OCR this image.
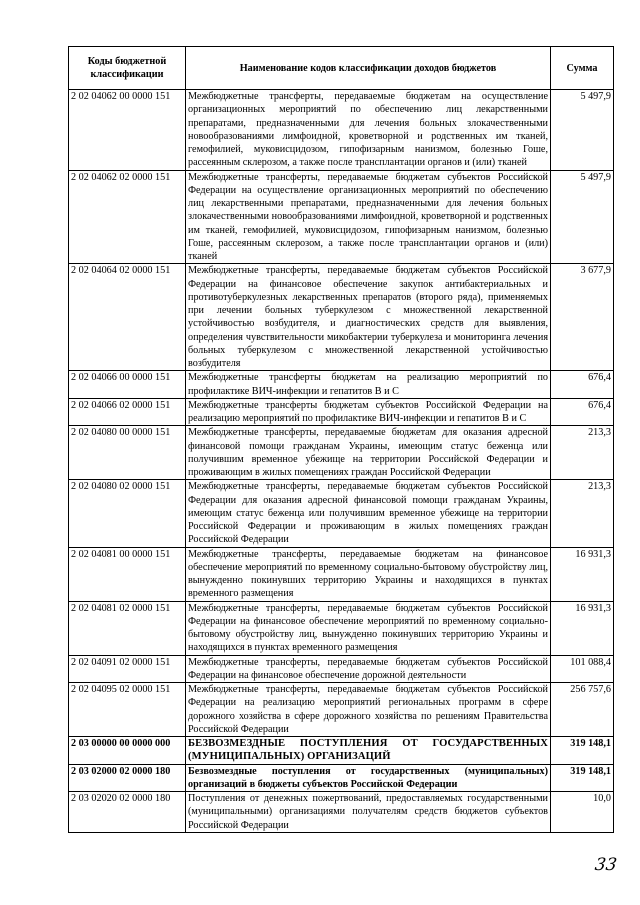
Коды бюджетной классификации	Наименование кодов классификации доходов бюджетов	Сумма
2 02 04062 00 0000 151	Межбюджетные трансферты, передаваемые бюджетам на осуществление организационных мероприятий по обеспечению лиц лекарственными препаратами, предназначенными для лечения больных злокачественными новообразованиями лимфоидной, кроветворной и родственных им тканей, гемофилией, муковисцидозом, гипофизарным нанизмом, болезнью Гоше, рассеянным склерозом, а также после трансплантации органов и (или) тканей	5 497,9
2 02 04062 02 0000 151	Межбюджетные трансферты, передаваемые бюджетам субъектов Российской Федерации на осуществление организационных мероприятий по обеспечению лиц лекарственными препаратами, предназначенными для лечения больных злокачественными новообразованиями лимфоидной, кроветворной и родственных им тканей, гемофилией, муковисцидозом, гипофизарным нанизмом, болезнью Гоше, рассеянным склерозом, а также после трансплантации органов и (или) тканей	5 497,9
2 02 04064 02 0000 151	Межбюджетные трансферты, передаваемые бюджетам субъектов Российской Федерации на финансовое обеспечение закупок антибактериальных и противотуберкулезных лекарственных препаратов (второго ряда), применяемых при лечении больных туберкулезом с множественной лекарственной устойчивостью возбудителя, и диагностических средств для выявления, определения чувствительности микобактерии туберкулеза и мониторинга лечения больных туберкулезом с множественной лекарственной устойчивостью возбудителя	3 677,9
2 02 04066 00 0000 151	Межбюджетные трансферты бюджетам на реализацию мероприятий по профилактике ВИЧ-инфекции и гепатитов B и C	676,4
2 02 04066 02 0000 151	Межбюджетные трансферты бюджетам субъектов Российской Федерации на реализацию мероприятий по профилактике ВИЧ-инфекции и гепатитов B и C	676,4
2 02 04080 00 0000 151	Межбюджетные трансферты, передаваемые бюджетам для оказания адресной финансовой помощи гражданам Украины, имеющим статус беженца или получившим временное убежище на территории Российской Федерации и проживающим в жилых помещениях граждан Российской Федерации	213,3
2 02 04080 02 0000 151	Межбюджетные трансферты, передаваемые бюджетам субъектов Российской Федерации для оказания адресной финансовой помощи гражданам Украины, имеющим статус беженца или получившим временное убежище на территории Российской Федерации и проживающим в жилых помещениях граждан Российской Федерации	213,3
2 02 04081 00 0000 151	Межбюджетные трансферты, передаваемые бюджетам на финансовое обеспечение мероприятий по временному социально-бытовому обустройству лиц, вынужденно покинувших территорию Украины и находящихся в пунктах временного размещения	16 931,3
2 02 04081 02 0000 151	Межбюджетные трансферты, передаваемые бюджетам субъектов Российской Федерации на финансовое обеспечение мероприятий по временному социально-бытовому обустройству лиц, вынужденно покинувших территорию Украины и находящихся в пунктах временного размещения	16 931,3
2 02 04091 02 0000 151	Межбюджетные трансферты, передаваемые бюджетам субъектов Российской Федерации на финансовое обеспечение дорожной деятельности	101 088,4
2 02 04095 02 0000 151	Межбюджетные трансферты, передаваемые бюджетам субъектов Российской Федерации на реализацию мероприятий региональных программ в сфере дорожного хозяйства в сфере дорожного хозяйства по решениям Правительства Российской Федерации	256 757,6
2 03 00000 00 0000 000	БЕЗВОЗМЕЗДНЫЕ ПОСТУПЛЕНИЯ ОТ ГОСУДАРСТВЕННЫХ (МУНИЦИПАЛЬНЫХ) ОРГАНИЗАЦИЙ	319 148,1
2 03 02000 02 0000 180	Безвозмездные поступления от государственных (муниципальных) организаций в бюджеты субъектов Российской Федерации	319 148,1
2 03 02020 02 0000 180	Поступления от денежных пожертвований, предоставляемых государственными (муниципальными) организациями получателям средств бюджетов субъектов Российской Федерации	10,0
33
